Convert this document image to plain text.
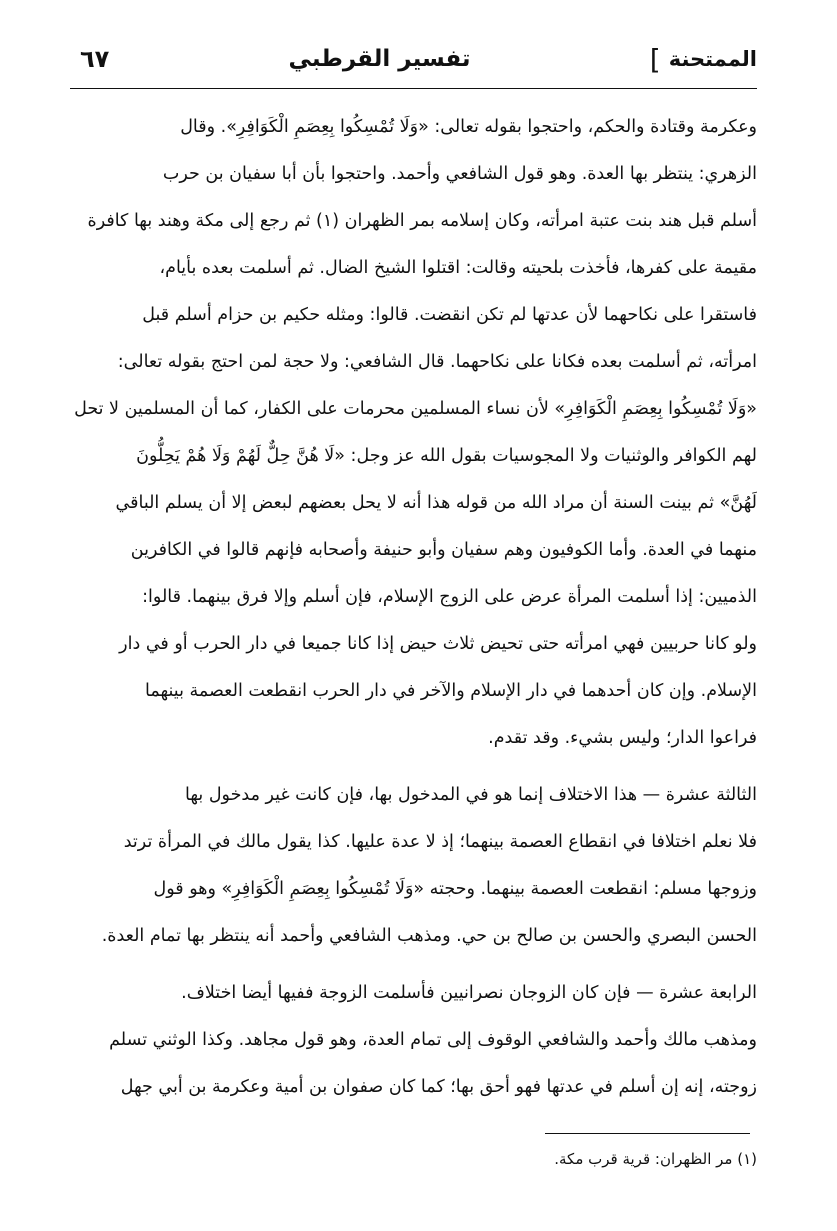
الممتحنة
]
تفسير القرطبي
٦٧
وعكرمة وقتادة والحكم، واحتجوا بقوله تعالى: «وَلَا تُمْسِكُوا بِعِصَمِ الْكَوَافِرِ». وقال
الزهري: ينتظر بها العدة. وهو قول الشافعي وأحمد. واحتجوا بأن أبا سفيان بن حرب
أسلم قبل هند بنت عتبة امرأته، وكان إسلامه بمر الظهران (١) ثم رجع إلى مكة وهند بها كافرة
مقيمة على كفرها، فأخذت بلحيته وقالت: اقتلوا الشيخ الضال. ثم أسلمت بعده بأيام،
فاستقرا على نكاحهما لأن عدتها لم تكن انقضت. قالوا: ومثله حكيم بن حزام أسلم قبل
امرأته، ثم أسلمت بعده فكانا على نكاحهما. قال الشافعي: ولا حجة لمن احتج بقوله تعالى:
«وَلَا تُمْسِكُوا بِعِصَمِ الْكَوَافِرِ» لأن نساء المسلمين محرمات على الكفار، كما أن المسلمين لا تحل
لهم الكوافر والوثنيات ولا المجوسيات بقول الله عز وجل: «لَا هُنَّ حِلٌّ لَهُمْ وَلَا هُمْ يَحِلُّونَ
لَهُنَّ» ثم بينت السنة أن مراد الله من قوله هذا أنه لا يحل بعضهم لبعض إلا أن يسلم الباقي
منهما في العدة. وأما الكوفيون وهم سفيان وأبو حنيفة وأصحابه فإنهم قالوا في الكافرين
الذميين: إذا أسلمت المرأة عرض على الزوج الإسلام، فإن أسلم وإلا فرق بينهما. قالوا:
ولو كانا حربيين فهي امرأته حتى تحيض ثلاث حيض إذا كانا جميعا في دار الحرب أو في دار
الإسلام. وإن كان أحدهما في دار الإسلام والآخر في دار الحرب انقطعت العصمة بينهما
فراعوا الدار؛ وليس بشيء. وقد تقدم.
الثالثة عشرة — هذا الاختلاف إنما هو في المدخول بها، فإن كانت غير مدخول بها
فلا نعلم اختلافا في انقطاع العصمة بينهما؛ إذ لا عدة عليها. كذا يقول مالك في المرأة ترتد
وزوجها مسلم: انقطعت العصمة بينهما. وحجته «وَلَا تُمْسِكُوا بِعِصَمِ الْكَوَافِرِ» وهو قول
الحسن البصري والحسن بن صالح بن حي. ومذهب الشافعي وأحمد أنه ينتظر بها تمام العدة.
الرابعة عشرة — فإن كان الزوجان نصرانيين فأسلمت الزوجة ففيها أيضا اختلاف.
ومذهب مالك وأحمد والشافعي الوقوف إلى تمام العدة، وهو قول مجاهد. وكذا الوثني تسلم
زوجته، إنه إن أسلم في عدتها فهو أحق بها؛ كما كان صفوان بن أمية وعكرمة بن أبي جهل
(١) مر الظهران: قرية قرب مكة.
